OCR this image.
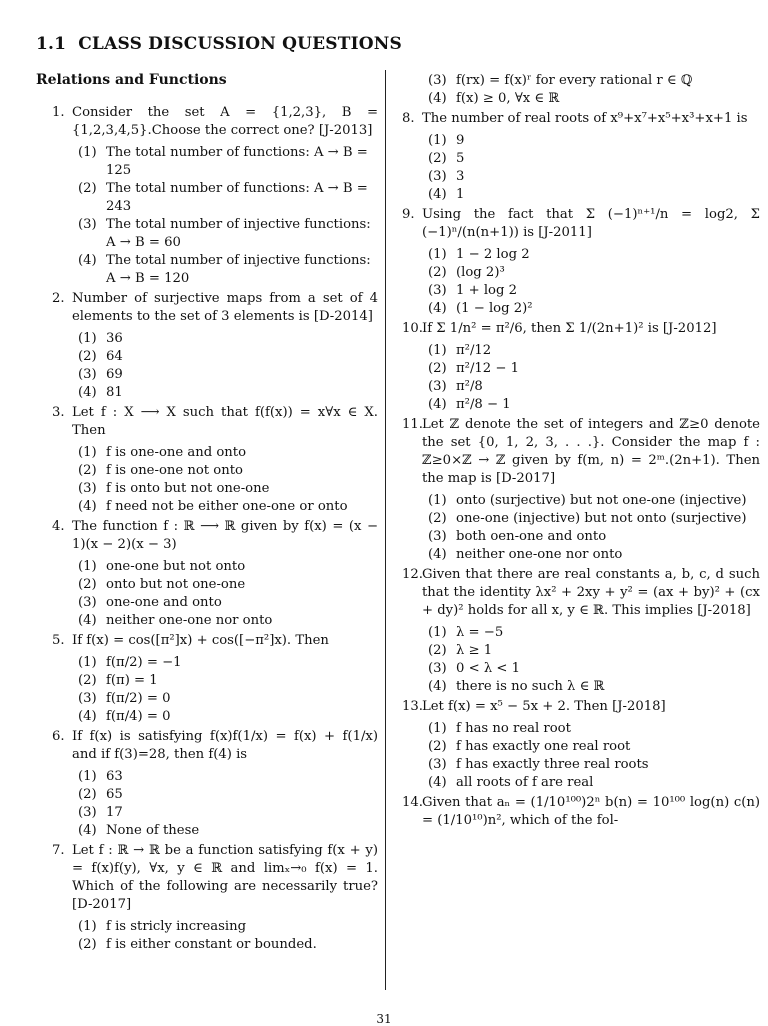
1.1 CLASS DISCUSSION QUESTIONS
Relations and Functions
1. Consider the set A = {1,2,3}, B = {1,2,3,4,5}.Choose the correct one? [J-2013]
(1) The total number of functions: A → B = 125
(2) The total number of functions: A → B = 243
(3) The total number of injective functions: A → B = 60
(4) The total number of injective functions: A → B = 120
2. Number of surjective maps from a set of 4 elements to the set of 3 elements is [D-2014]
(1) 36
(2) 64
(3) 69
(4) 81
3. Let f : X ⟶ X such that f(f(x)) = x∀x ∈ X. Then
(1) f is one-one and onto
(2) f is one-one not onto
(3) f is onto but not one-one
(4) f need not be either one-one or onto
4. The function f : ℝ ⟶ ℝ given by f(x) = (x − 1)(x − 2)(x − 3)
(1) one-one but not onto
(2) onto but not one-one
(3) one-one and onto
(4) neither one-one nor onto
5. If f(x) = cos([π²]x) + cos([−π²]x). Then
(1) f(π/2) = −1
(2) f(π) = 1
(3) f(π/2) = 0
(4) f(π/4) = 0
6. If f(x) is satisfying f(x)f(1/x) = f(x) + f(1/x) and if f(3)=28, then f(4) is
(1) 63
(2) 65
(3) 17
(4) None of these
7. Let f : ℝ → ℝ be a function satisfying f(x + y) = f(x)f(y), ∀x, y ∈ ℝ and limₓ→₀ f(x) = 1. Which of the following are necessarily true? [D-2017]
(1) f is stricly increasing
(2) f is either constant or bounded.
(3) f(rx) = f(x)ʳ for every rational r ∈ ℚ
(4) f(x) ≥ 0, ∀x ∈ ℝ
8. The number of real roots of x⁹+x⁷+x⁵+x³+x+1 is
(1) 9
(2) 5
(3) 3
(4) 1
9. Using the fact that Σ (−1)ⁿ⁺¹/n = log2, Σ (−1)ⁿ/(n(n+1)) is [J-2011]
(1) 1 − 2 log 2
(2) (log 2)³
(3) 1 + log 2
(4) (1 − log 2)²
10. If Σ 1/n² = π²/6, then Σ 1/(2n+1)² is [J-2012]
(1) π²/12
(2) π²/12 − 1
(3) π²/8
(4) π²/8 − 1
11. Let ℤ denote the set of integers and ℤ≥0 denote the set {0, 1, 2, 3, . . .}. Consider the map f : ℤ≥0×ℤ → ℤ given by f(m, n) = 2ᵐ.(2n+1). Then the map is [D-2017]
(1) onto (surjective) but not one-one (injective)
(2) one-one (injective) but not onto (surjective)
(3) both oen-one and onto
(4) neither one-one nor onto
12. Given that there are real constants a, b, c, d such that the identity λx² + 2xy + y² = (ax + by)² + (cx + dy)² holds for all x, y ∈ ℝ. This implies [J-2018]
(1) λ = −5
(2) λ ≥ 1
(3) 0 < λ < 1
(4) there is no such λ ∈ ℝ
13. Let f(x) = x⁵ − 5x + 2. Then [J-2018]
(1) f has no real root
(2) f has exactly one real root
(3) f has exactly three real roots
(4) all roots of f are real
14. Given that aₙ = (1/10¹⁰⁰)2ⁿ b(n) = 10¹⁰⁰ log(n) c(n) = (1/10¹⁰)n², which of the fol-
31
